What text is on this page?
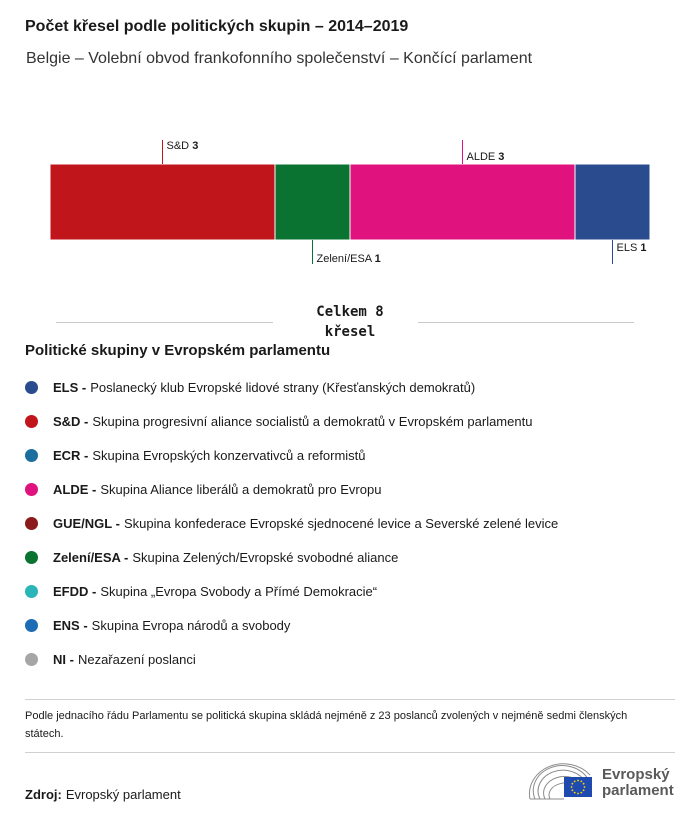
Počet křesel podle politických skupin – 2014–2019

Belgie – Volební obvod frankofonního společenství – Končící parlament

S&D 3
Zelení/ESA 1
ALDE 3
ELS 1
Celkem 8
křesel
Politické skupiny v Evropském parlamentu
ELS - Poslanecký klub Evropské lidové strany (Křesťanských demokratů)
S&D - Skupina progresivní aliance socialistů a demokratů v Evropském parlamentu
ECR - Skupina Evropských konzervativců a reformistů
ALDE - Skupina Aliance liberálů a demokratů pro Evropu
GUE/NGL - Skupina konfederace Evropské sjednocené levice a Severské zelené levice
Zelení/ESA - Skupina Zelených/Evropské svobodné aliance
EFDD - Skupina „Evropa Svobody a Přímé Demokracie“
ENS - Skupina Evropa národů a svobody
NI - Nezařazení poslanci

Podle jednacího řádu Parlamentu se politická skupina skládá nejméně z 23 poslanců zvolených v nejméně sedmi členských státech.

Zdroj: Evropský parlament
Evropský
parlament
